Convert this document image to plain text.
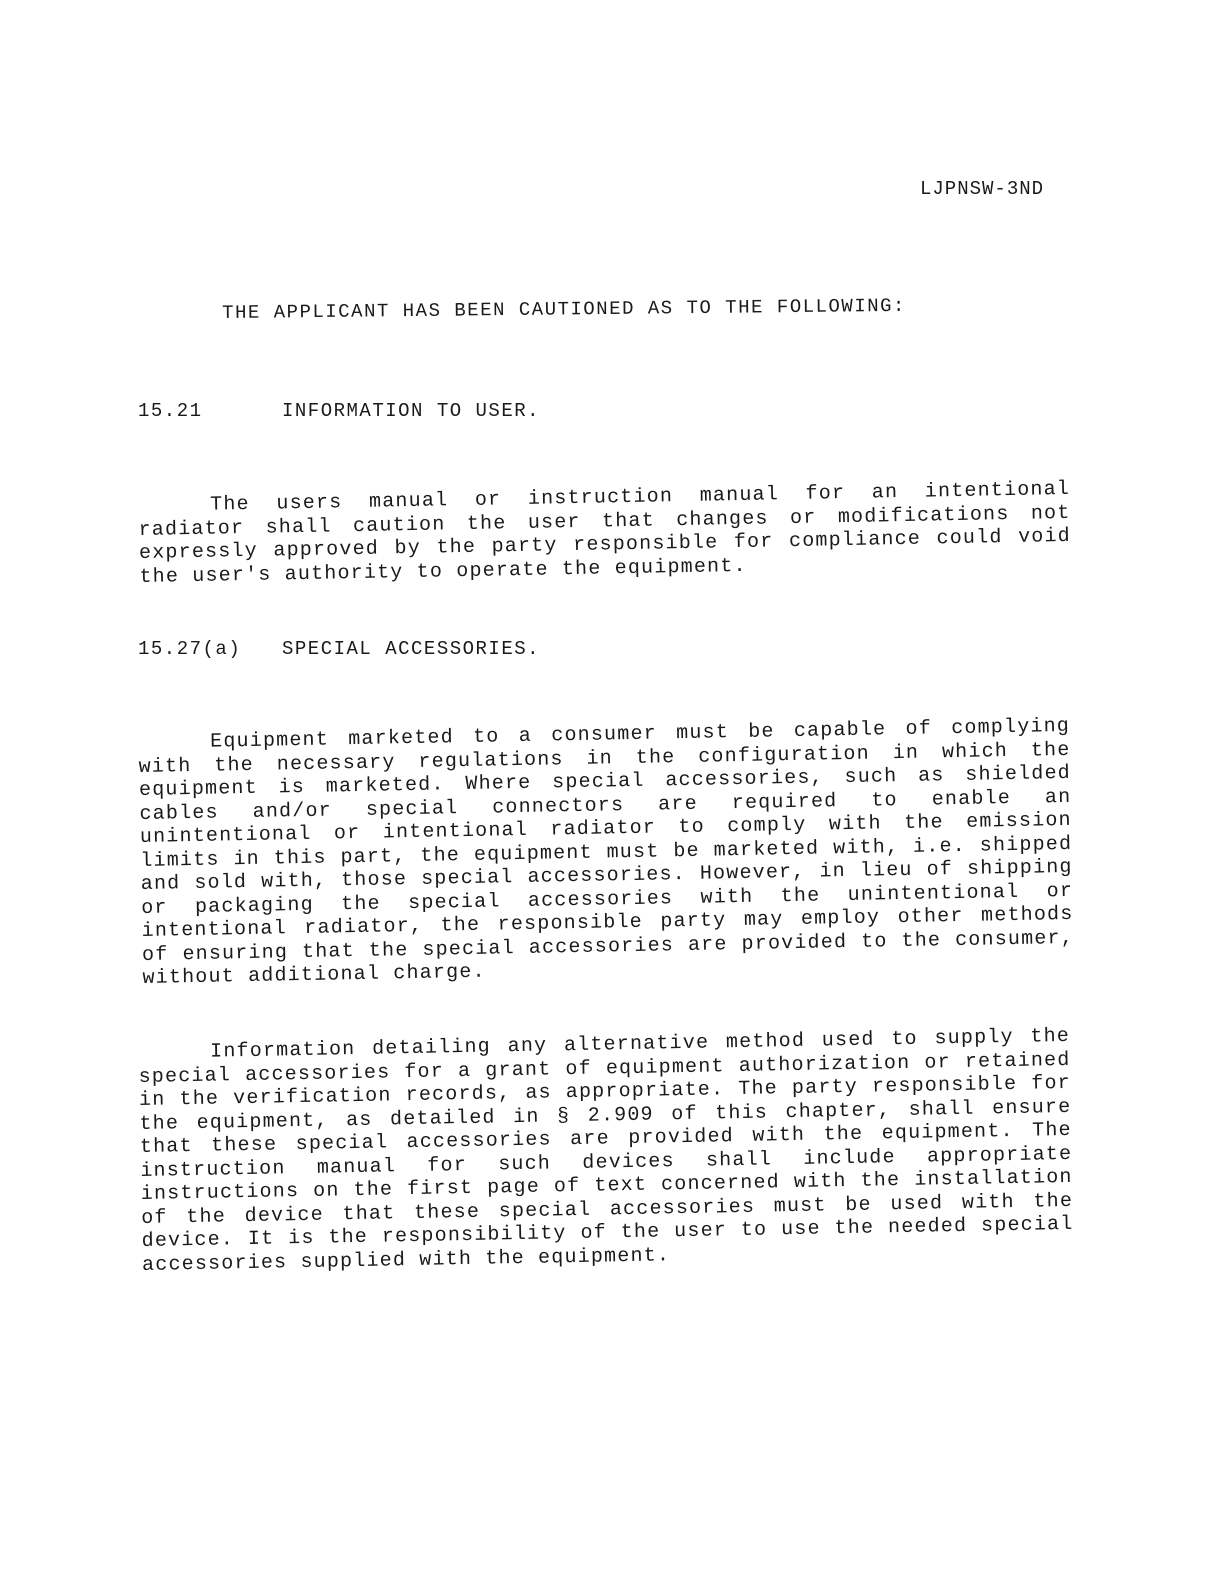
LJPNSW-3ND
THE APPLICANT HAS BEEN CAUTIONED AS TO THE FOLLOWING:
15.21	INFORMATION TO USER.

The users manual or instruction manual for an intentional radiator shall caution the user that changes or modifications not expressly approved by the party responsible for compliance could void the user's authority to operate the equipment.

15.27(a) SPECIAL ACCESSORIES.

Equipment marketed to a consumer must be capable of complying with the necessary regulations in the configuration in which the equipment is marketed. Where special accessories, such as shielded cables and/or special connectors are required to enable an unintentional or intentional radiator to comply with the emission limits in this part, the equipment must be marketed with, i.e. shipped and sold with, those special accessories. However, in lieu of shipping or packaging the special accessories with the unintentional or intentional radiator, the responsible party may employ other methods of ensuring that the special accessories are provided to the consumer, without additional charge.

Information detailing any alternative method used to supply the special accessories for a grant of equipment authorization or retained in the verification records, as appropriate. The party responsible for the equipment, as detailed in § 2.909 of this chapter, shall ensure that these special accessories are provided with the equipment. The instruction manual for such devices shall include appropriate instructions on the first page of text concerned with the installation of the device that these special accessories must be used with the device. It is the responsibility of the user to use the needed special accessories supplied with the equipment.
